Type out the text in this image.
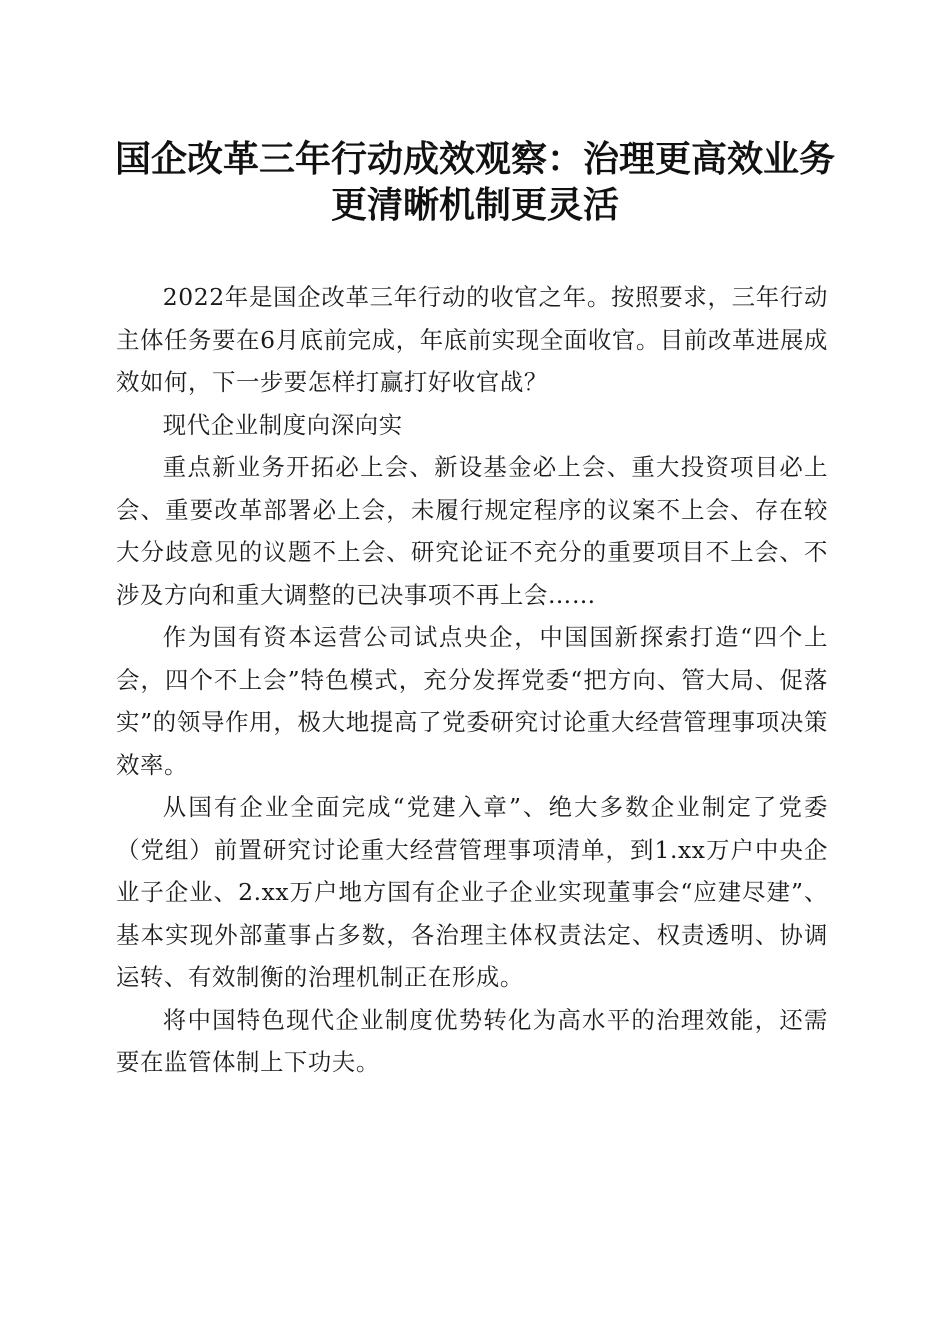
国企改革三年行动成效观察：治理更高效业务
更清晰机制更灵活

2022年是国企改革三年行动的收官之年。按照要求，三年行动主体任务要在6月底前完成，年底前实现全面收官。目前改革进展成效如何，下一步要怎样打赢打好收官战？

现代企业制度向深向实

重点新业务开拓必上会、新设基金必上会、重大投资项目必上会、重要改革部署必上会，未履行规定程序的议案不上会、存在较大分歧意见的议题不上会、研究论证不充分的重要项目不上会、不涉及方向和重大调整的已决事项不再上会……

作为国有资本运营公司试点央企，中国国新探索打造“四个上会，四个不上会”特色模式，充分发挥党委“把方向、管大局、促落实”的领导作用，极大地提高了党委研究讨论重大经营管理事项决策效率。

从国有企业全面完成“党建入章”、绝大多数企业制定了党委（党组）前置研究讨论重大经营管理事项清单，到1.xx万户中央企业子企业、2.xx万户地方国有企业子企业实现董事会“应建尽建”、基本实现外部董事占多数，各治理主体权责法定、权责透明、协调运转、有效制衡的治理机制正在形成。

将中国特色现代企业制度优势转化为高水平的治理效能，还需要在监管体制上下功夫。
